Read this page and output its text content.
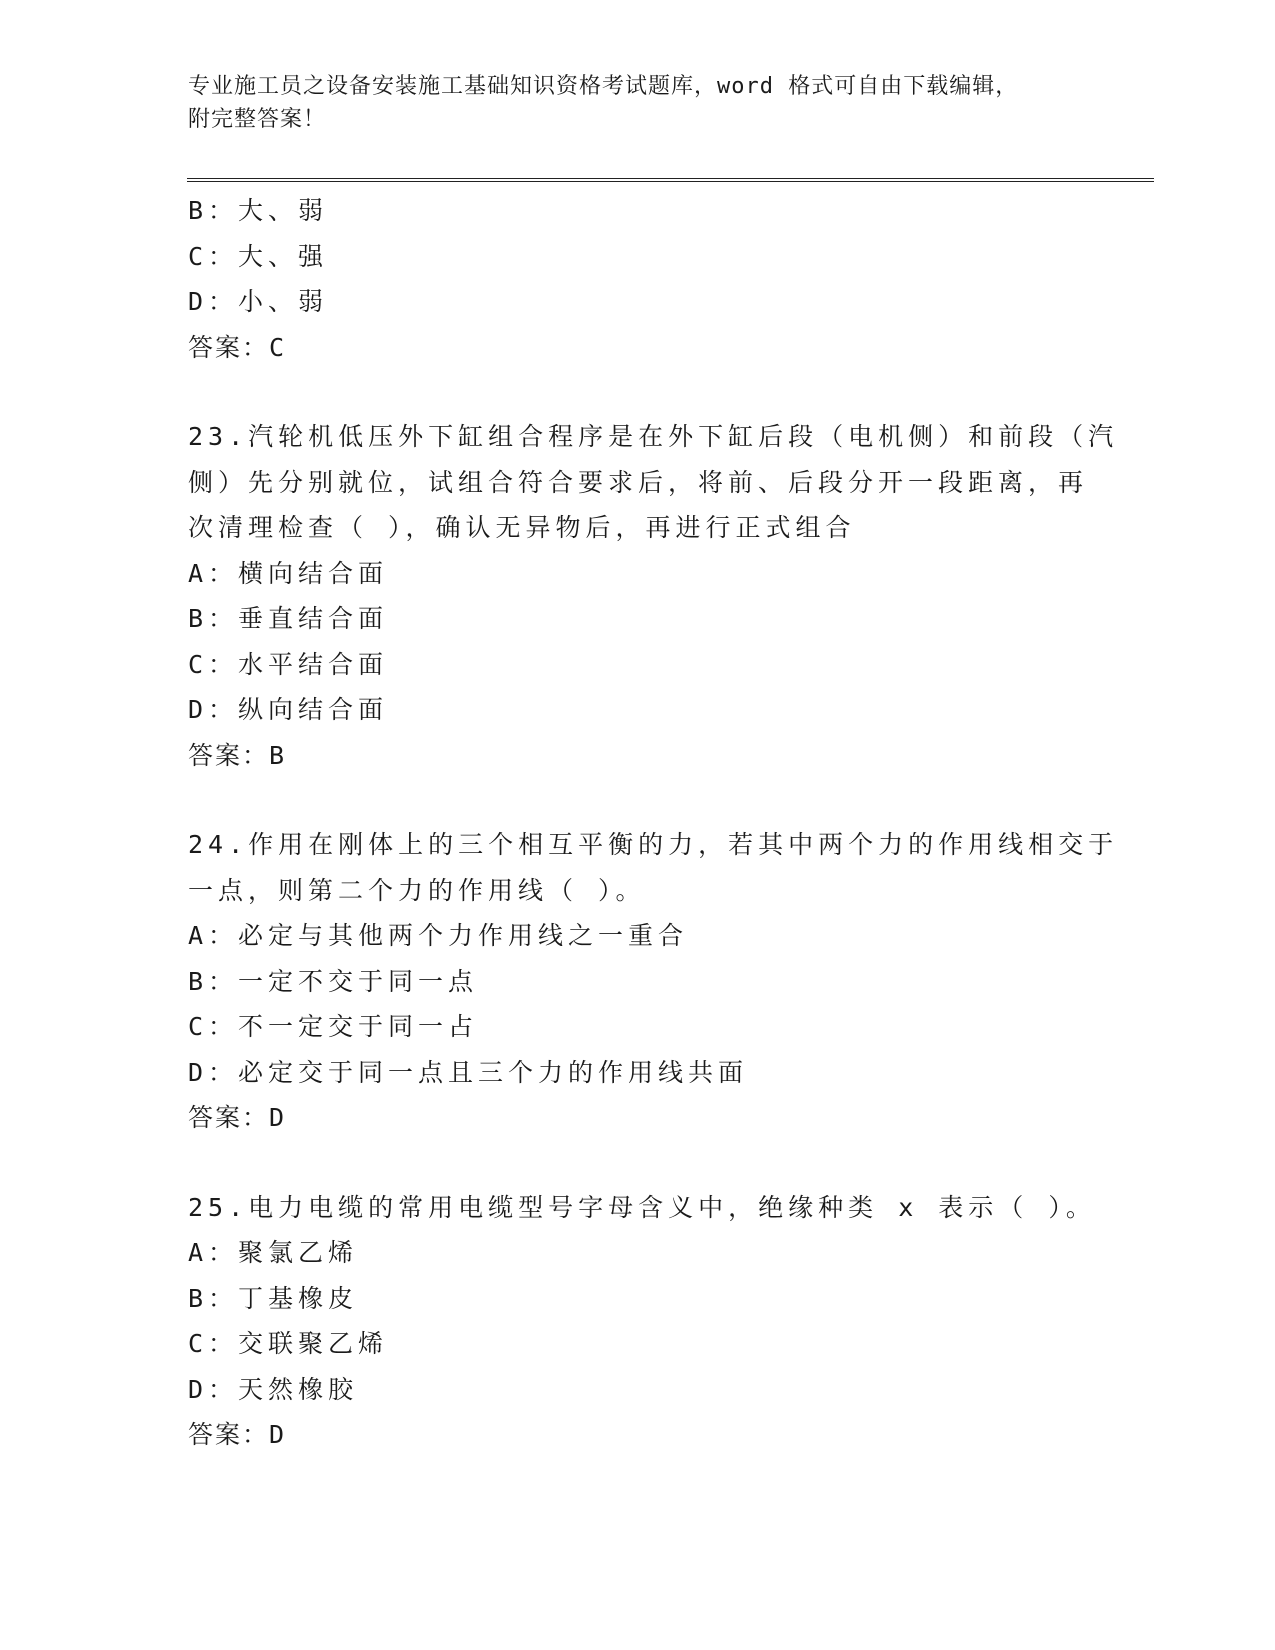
专业施工员之设备安装施工基础知识资格考试题库，word 格式可自由下载编辑，
附完整答案！
B：大、弱
C：大、强
D：小、弱
答案：C
23.汽轮机低压外下缸组合程序是在外下缸后段（电机侧）和前段（汽
侧）先分别就位，试组合符合要求后，将前、后段分开一段距离，再
次清理检查（ ），确认无异物后，再进行正式组合
A：横向结合面
B：垂直结合面
C：水平结合面
D：纵向结合面
答案：B
24.作用在刚体上的三个相互平衡的力，若其中两个力的作用线相交于
一点，则第二个力的作用线（ ）。
A：必定与其他两个力作用线之一重合
B：一定不交于同一点
C：不一定交于同一占
D：必定交于同一点且三个力的作用线共面
答案：D
25.电力电缆的常用电缆型号字母含义中，绝缘种类 x 表示（ ）。
A：聚氯乙烯
B：丁基橡皮
C：交联聚乙烯
D：天然橡胶
答案：D
